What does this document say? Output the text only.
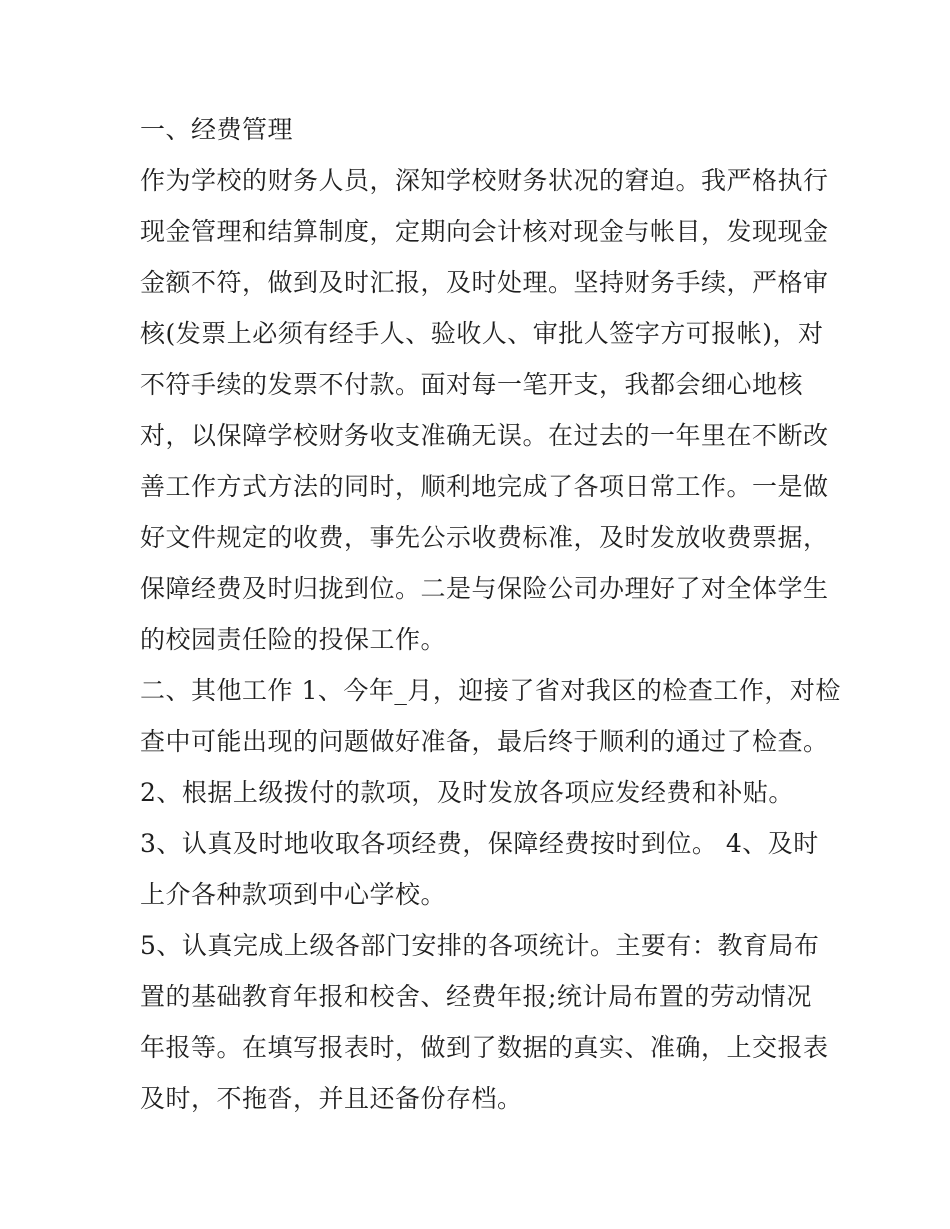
一、经费管理
作为学校的财务人员，深知学校财务状况的窘迫。我严格执行
现金管理和结算制度，定期向会计核对现金与帐目，发现现金
金额不符，做到及时汇报，及时处理。坚持财务手续，严格审
核(发票上必须有经手人、验收人、审批人签字方可报帐)，对
不符手续的发票不付款。面对每一笔开支，我都会细心地核
对，以保障学校财务收支准确无误。在过去的一年里在不断改
善工作方式方法的同时，顺利地完成了各项日常工作。一是做
好文件规定的收费，事先公示收费标准，及时发放收费票据，
保障经费及时归拢到位。二是与保险公司办理好了对全体学生
的校园责任险的投保工作。
二、其他工作 1、今年_月，迎接了省对我区的检查工作，对检
查中可能出现的问题做好准备，最后终于顺利的通过了检查。
2、根据上级拨付的款项，及时发放各项应发经费和补贴。
3、认真及时地收取各项经费，保障经费按时到位。 4、及时
上介各种款项到中心学校。
5、认真完成上级各部门安排的各项统计。主要有：教育局布
置的基础教育年报和校舍、经费年报;统计局布置的劳动情况
年报等。在填写报表时，做到了数据的真实、准确，上交报表
及时，不拖沓，并且还备份存档。
